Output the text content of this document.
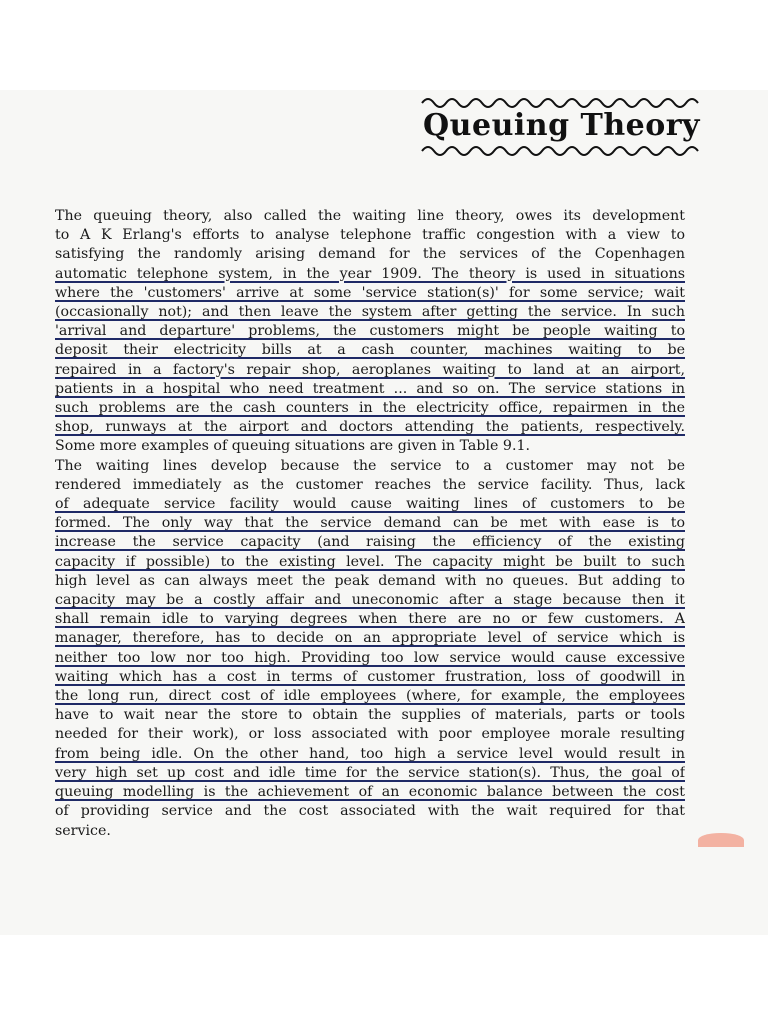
Queuing Theory
The queuing theory, also called the waiting line theory, owes its development
to A K Erlang's efforts to analyse telephone traffic congestion with a view to
satisfying the randomly arising demand for the services of the Copenhagen
automatic telephone system, in the year 1909. The theory is used in situations
where the 'customers' arrive at some 'service station(s)' for some service; wait
(occasionally not); and then leave the system after getting the service. In such
'arrival and departure' problems, the customers might be people waiting to
deposit their electricity bills at a cash counter, machines waiting to be
repaired in a factory's repair shop, aeroplanes waiting to land at an airport,
patients in a hospital who need treatment ... and so on. The service stations in
such problems are the cash counters in the electricity office, repairmen in the
shop, runways at the airport and doctors attending the patients, respectively.
Some more examples of queuing situations are given in Table 9.1.
The waiting lines develop because the service to a customer may not be
rendered immediately as the customer reaches the service facility. Thus, lack
of adequate service facility would cause waiting lines of customers to be
formed. The only way that the service demand can be met with ease is to
increase the service capacity (and raising the efficiency of the existing
capacity if possible) to the existing level. The capacity might be built to such
high level as can always meet the peak demand with no queues. But adding to
capacity may be a costly affair and uneconomic after a stage because then it
shall remain idle to varying degrees when there are no or few customers. A
manager, therefore, has to decide on an appropriate level of service which is
neither too low nor too high. Providing too low service would cause excessive
waiting which has a cost in terms of customer frustration, loss of goodwill in
the long run, direct cost of idle employees (where, for example, the employees
have to wait near the store to obtain the supplies of materials, parts or tools
needed for their work), or loss associated with poor employee morale resulting
from being idle. On the other hand, too high a service level would result in
very high set up cost and idle time for the service station(s). Thus, the goal of
queuing modelling is the achievement of an economic balance between the cost
of providing service and the cost associated with the wait required for that
service.
